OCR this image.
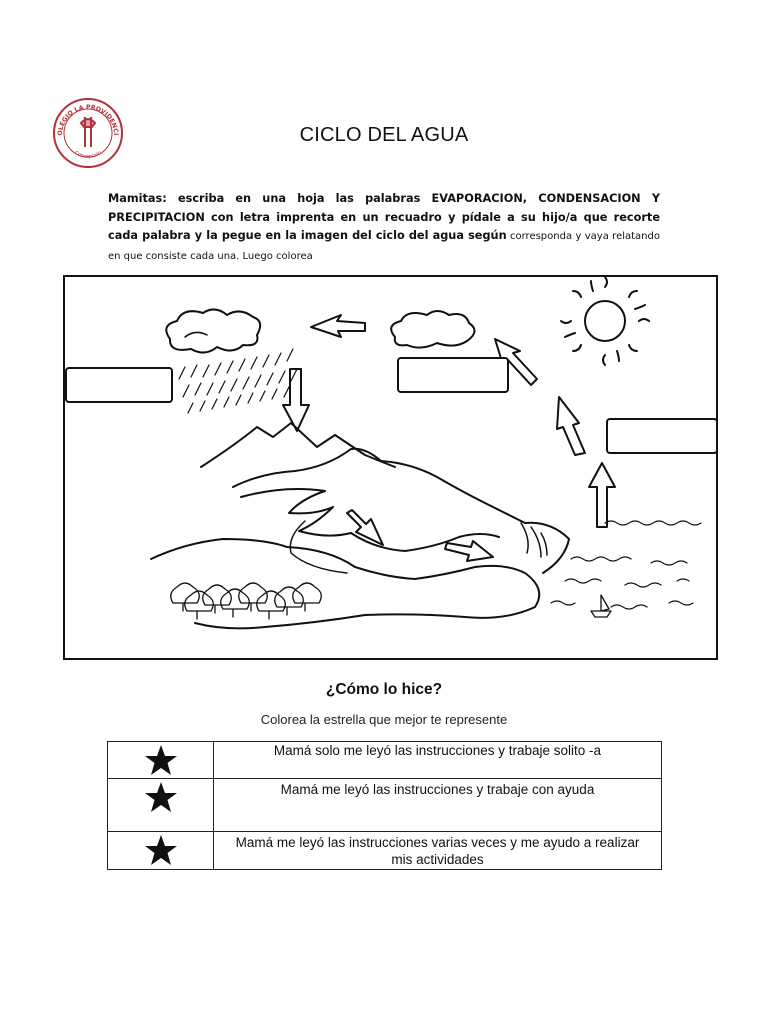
OLEGIO LA PROVIDENCI
Concepción
CICLO DEL AGUA
Mamitas: escriba en una hoja las palabras EVAPORACION, CONDENSACION Y PRECIPITACION con letra imprenta en un recuadro y pídale a su hijo/a que recorte cada palabra y la pegue en la imagen del ciclo del agua según corresponda y vaya relatando en que consiste cada una. Luego colorea
¿Cómo lo hice?
Colorea la estrella que mejor te represente
	Mamá solo me leyó las instrucciones y trabaje solito -a

	Mamá me leyó las instrucciones y trabaje con ayuda

	Mamá me leyó las instrucciones varias veces y me ayudo a realizar mis actividades
